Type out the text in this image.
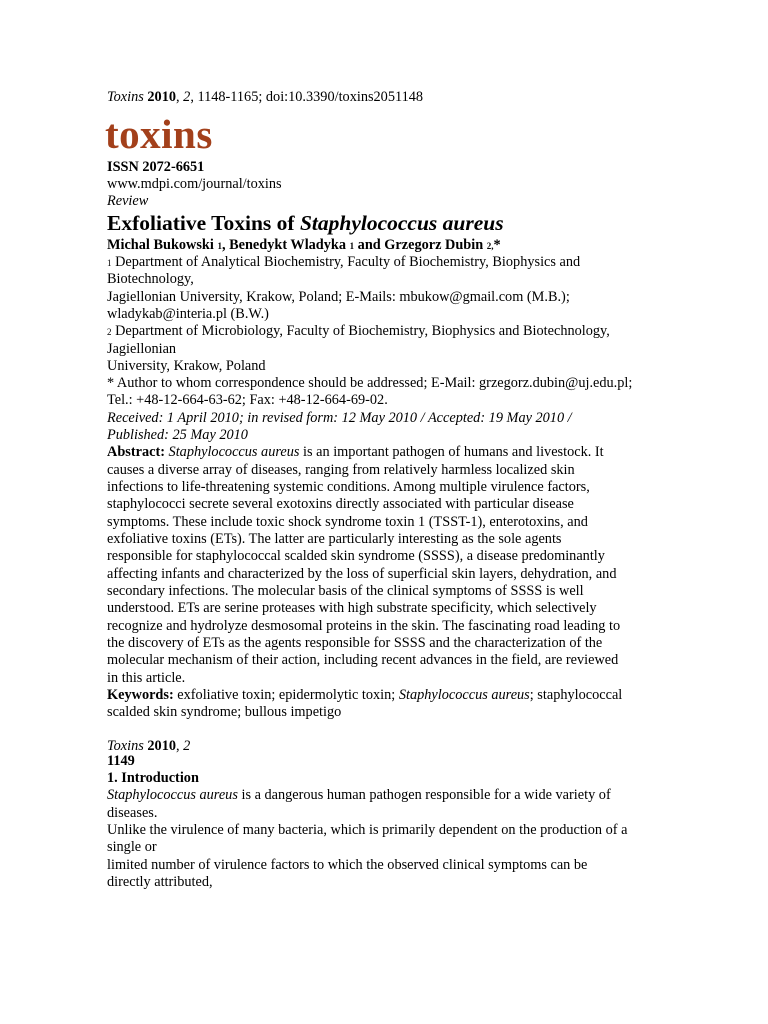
Toxins 2010, 2, 1148-1165; doi:10.3390/toxins2051148
toxins
ISSN 2072-6651
www.mdpi.com/journal/toxins
Review
Exfoliative Toxins of Staphylococcus aureus
Michal Bukowski 1, Benedykt Wladyka 1 and Grzegorz Dubin 2,*
1 Department of Analytical Biochemistry, Faculty of Biochemistry, Biophysics and
Biotechnology,
Jagiellonian University, Krakow, Poland; E-Mails: mbukow@gmail.com (M.B.);
wladykab@interia.pl (B.W.)
2 Department of Microbiology, Faculty of Biochemistry, Biophysics and Biotechnology,
Jagiellonian
University, Krakow, Poland
* Author to whom correspondence should be addressed; E-Mail: grzegorz.dubin@uj.edu.pl;
Tel.: +48-12-664-63-62; Fax: +48-12-664-69-02.
Received: 1 April 2010; in revised form: 12 May 2010 / Accepted: 19 May 2010 /
Published: 25 May 2010
Abstract: Staphylococcus aureus is an important pathogen of humans and livestock. It
causes a diverse array of diseases, ranging from relatively harmless localized skin
infections to life-threatening systemic conditions. Among multiple virulence factors,
staphylococci secrete several exotoxins directly associated with particular disease
symptoms. These include toxic shock syndrome toxin 1 (TSST-1), enterotoxins, and
exfoliative toxins (ETs). The latter are particularly interesting as the sole agents
responsible for staphylococcal scalded skin syndrome (SSSS), a disease predominantly
affecting infants and characterized by the loss of superficial skin layers, dehydration, and
secondary infections. The molecular basis of the clinical symptoms of SSSS is well
understood. ETs are serine proteases with high substrate specificity, which selectively
recognize and hydrolyze desmosomal proteins in the skin. The fascinating road leading to
the discovery of ETs as the agents responsible for SSSS and the characterization of the
molecular mechanism of their action, including recent advances in the field, are reviewed
in this article.
Keywords: exfoliative toxin; epidermolytic toxin; Staphylococcus aureus; staphylococcal
scalded skin syndrome; bullous impetigo
Toxins 2010, 2
1149
1. Introduction
Staphylococcus aureus is a dangerous human pathogen responsible for a wide variety of
diseases.
Unlike the virulence of many bacteria, which is primarily dependent on the production of a
single or
limited number of virulence factors to which the observed clinical symptoms can be
directly attributed,
